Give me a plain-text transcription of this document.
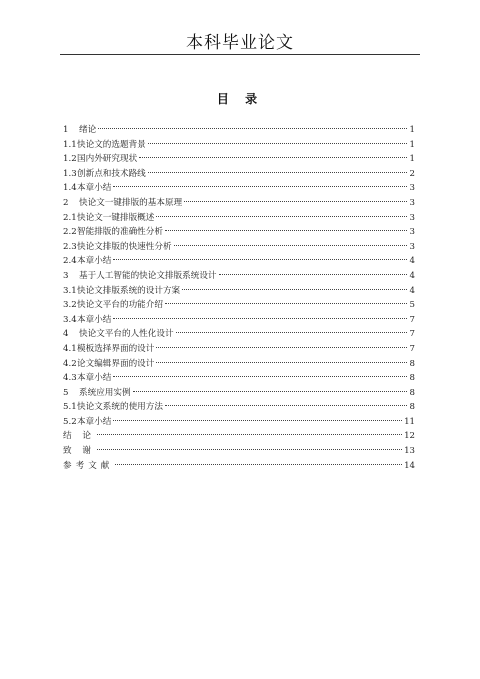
本科毕业论文
目 录
1	绪论	1
1.1 快论文的选题背景	1
1.2 国内外研究现状	1
1.3 创新点和技术路线	2
1.4 本章小结	3
2	快论文一键排版的基本原理	3
2.1 快论文一键排版概述	3
2.2 智能排版的准确性分析	3
2.3 快论文排版的快速性分析	3
2.4 本章小结	4
3	基于人工智能的快论文排版系统设计	4
3.1 快论文排版系统的设计方案	4
3.2 快论文平台的功能介绍	5
3.4 本章小结	7
4	快论文平台的人性化设计	7
4.1 模板选择界面的设计	7
4.2 论文编辑界面的设计	8
4.3 本章小结	8
5	系统应用实例	8
5.1 快论文系统的使用方法	8
5.2 本章小结	11
结 论	12
致 谢	13
参考文献	14
